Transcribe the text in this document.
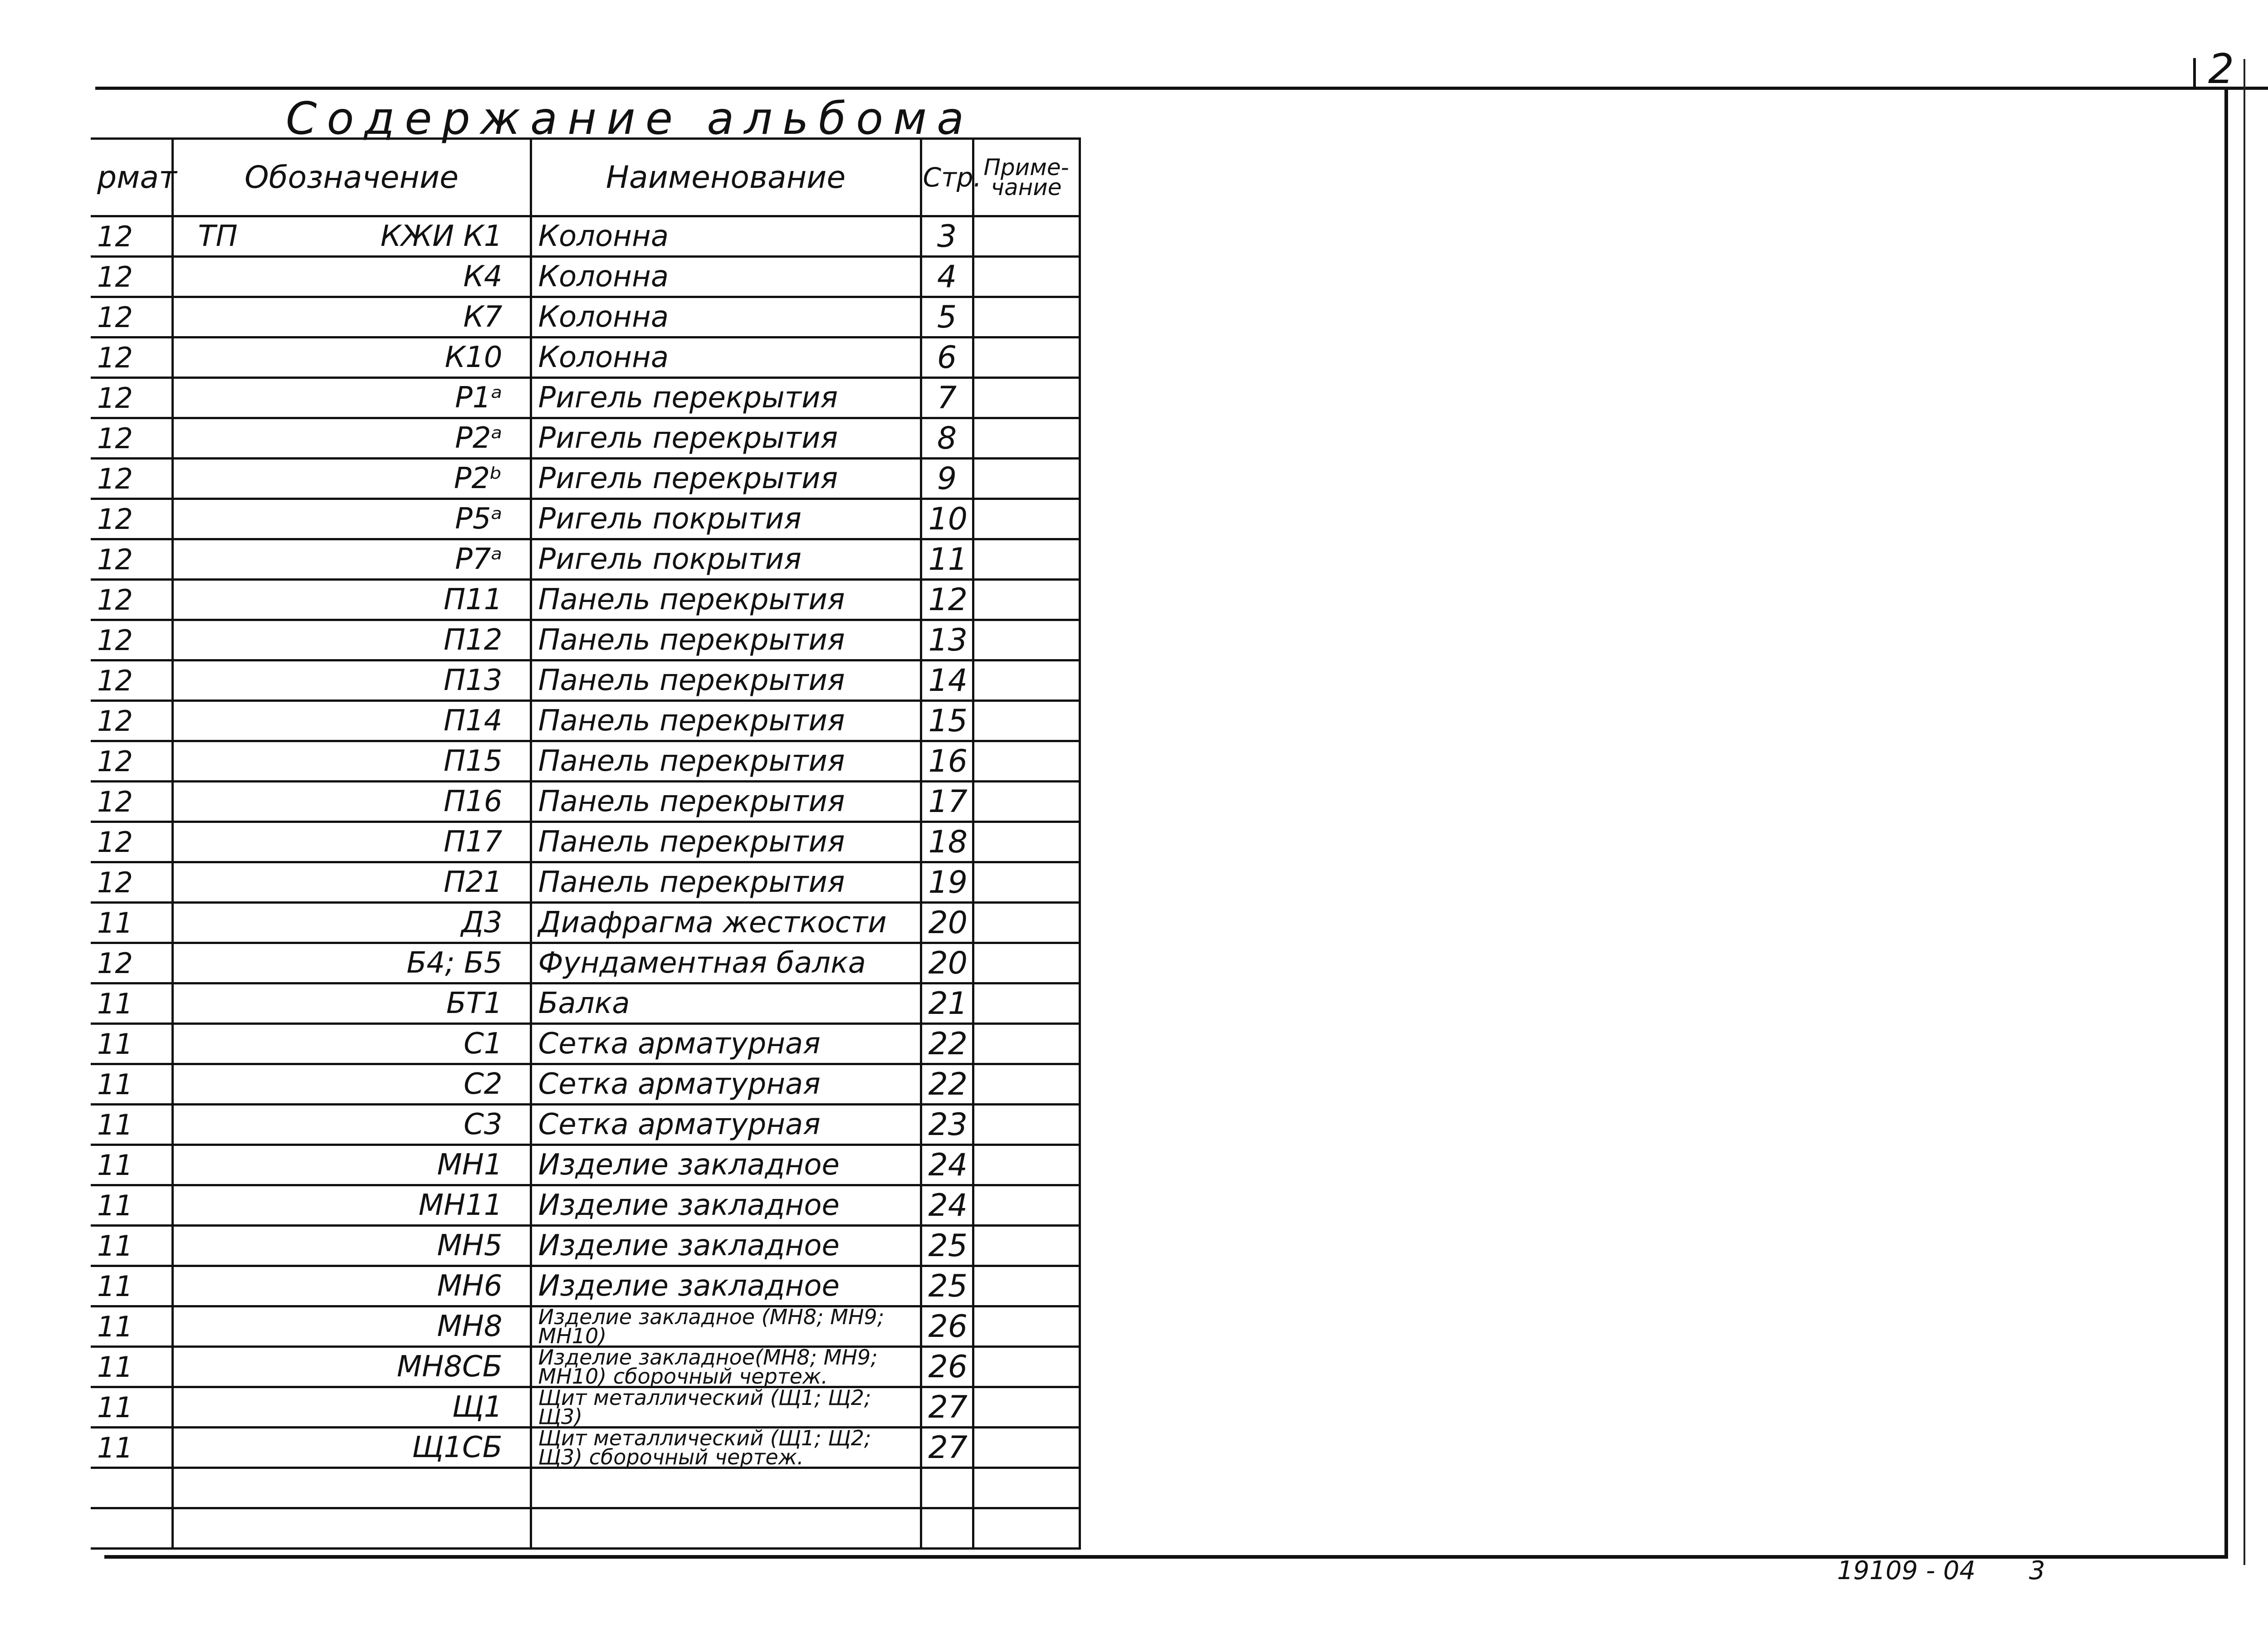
2
Содержание альбома
рмат	Обозначение	Наименование	Стр.	Приме-чание
12	ТП КЖИ К1	Колонна	3	
12	К4	Колонна	4	
12	К7	Колонна	5	
12	К10	Колонна	6	
12	Р1ᵃ	Ригель перекрытия	7	
12	Р2ᵃ	Ригель перекрытия	8	
12	Р2ᵇ	Ригель перекрытия	9	
12	Р5ᵃ	Ригель покрытия	10	
12	Р7ᵃ	Ригель покрытия	11	
12	П11	Панель перекрытия	12	
12	П12	Панель перекрытия	13	
12	П13	Панель перекрытия	14	
12	П14	Панель перекрытия	15	
12	П15	Панель перекрытия	16	
12	П16	Панель перекрытия	17	
12	П17	Панель перекрытия	18	
12	П21	Панель перекрытия	19	
11	Д3	Диафрагма жесткости	20	
12	Б4; Б5	Фундаментная балка	20	
11	БТ1	Балка	21	
11	С1	Сетка арматурная	22	
11	С2	Сетка арматурная	22	
11	С3	Сетка арматурная	23	
11	МН1	Изделие закладное	24	
11	МН11	Изделие закладное	24	
11	МН5	Изделие закладное	25	
11	МН6	Изделие закладное	25	
11	МН8	Изделие закладное (МН8; МН9; МН10)	26	
11	МН8СБ	Изделие закладное(МН8; МН9; МН10) сборочный чертеж.	26	
11	Щ1	Щит металлический (Щ1; Щ2; Щ3)	27	
11	Щ1СБ	Щит металлический (Щ1; Щ2; Щ3) сборочный чертеж.	27	

19109 - 04 3
